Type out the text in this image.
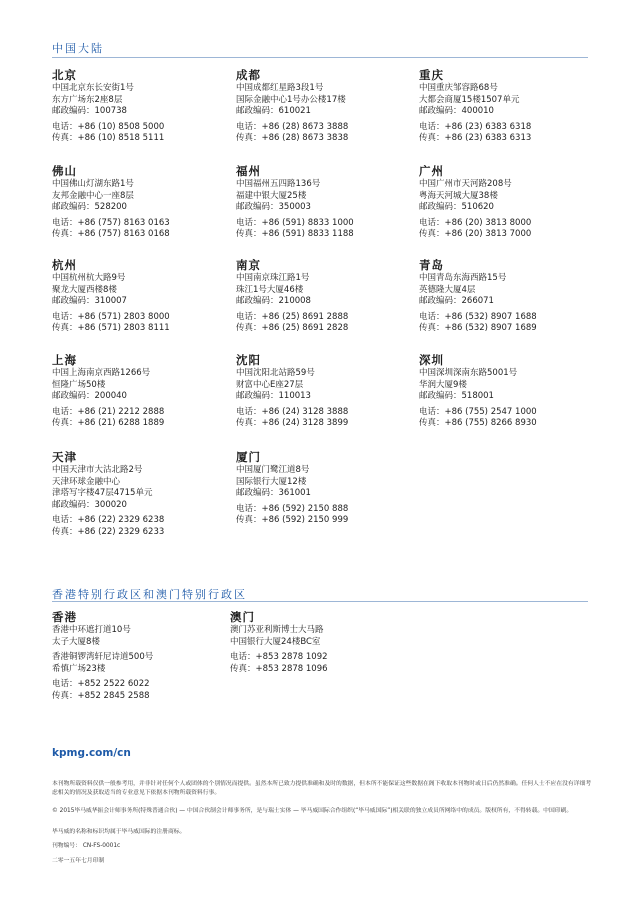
中国大陆
北京
中国北京东长安街1号
东方广场东2座8层
邮政编码：100738
电话：+86 (10) 8508 5000
传真：+86 (10) 8518 5111
成都
中国成都红星路3段1号
国际金融中心1号办公楼17楼
邮政编码：610021
电话：+86 (28) 8673 3888
传真：+86 (28) 8673 3838
重庆
中国重庆邹容路68号
大都会商厦15楼1507单元
邮政编码：400010
电话：+86 (23) 6383 6318
传真：+86 (23) 6383 6313
佛山
中国佛山灯湖东路1号
友邦金融中心一座8层
邮政编码：528200
电话：+86 (757) 8163 0163
传真：+86 (757) 8163 0168
福州
中国福州五四路136号
福建中银大厦25楼
邮政编码：350003
电话：+86 (591) 8833 1000
传真：+86 (591) 8833 1188
广州
中国广州市天河路208号
粤海天河城大厦38楼
邮政编码：510620
电话：+86 (20) 3813 8000
传真：+86 (20) 3813 7000
杭州
中国杭州杭大路9号
聚龙大厦西楼8楼
邮政编码：310007
电话：+86 (571) 2803 8000
传真：+86 (571) 2803 8111
南京
中国南京珠江路1号
珠江1号大厦46楼
邮政编码：210008
电话：+86 (25) 8691 2888
传真：+86 (25) 8691 2828
青岛
中国青岛东海西路15号
英德隆大厦4层
邮政编码：266071
电话：+86 (532) 8907 1688
传真：+86 (532) 8907 1689
上海
中国上海南京西路1266号
恒隆广场50楼
邮政编码：200040
电话：+86 (21) 2212 2888
传真：+86 (21) 6288 1889
沈阳
中国沈阳北站路59号
财富中心E座27层
邮政编码：110013
电话：+86 (24) 3128 3888
传真：+86 (24) 3128 3899
深圳
中国深圳深南东路5001号
华润大厦9楼
邮政编码：518001
电话：+86 (755) 2547 1000
传真：+86 (755) 8266 8930
天津
中国天津市大沽北路2号
天津环球金融中心
津塔写字楼47层4715单元
邮政编码：300020
电话：+86 (22) 2329 6238
传真：+86 (22) 2329 6233
厦门
中国厦门鹭江道8号
国际银行大厦12楼
邮政编码：361001
电话：+86 (592) 2150 888
传真：+86 (592) 2150 999
香港特别行政区和澳门特别行政区
香港
香港中环遮打道10号
太子大厦8楼
香港铜锣湾轩尼诗道500号
希慎广场23楼
电话：+852 2522 6022
传真：+852 2845 2588
澳门
澳门苏亚利斯博士大马路
中国银行大厦24楼BC室
电话：+853 2878 1092
传真：+853 2878 1096
kpmg.com/cn
本刊物所载资料仅供一般参考用，并非针对任何个人或团体的个别情况而提供。虽然本所已致力提供准确和及时的数据，但本所不能保证这些数据在阁下收取本刊物时或日后仍然准确。任何人士不应在没有详细考虑相关的情况及获取适当的专业意见下依据本刊物所载资料行事。
© 2015毕马威华振会计师事务所(特殊普通合伙) — 中国合伙制会计师事务所，是与瑞士实体 — 毕马威国际合作组织(“毕马威国际”)相关联的独立成员所网络中的成员。版权所有，不得转载。中国印刷。
毕马威的名称和标识均属于毕马威国际的注册商标。
刊物编号： CN-FS-0001c
二零一五年七月印制
